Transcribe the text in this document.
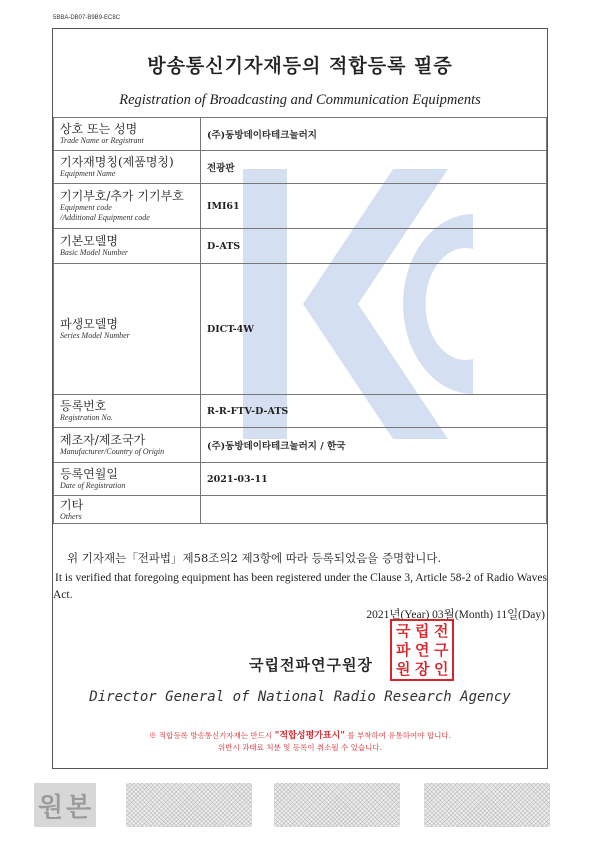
5BBA-DB07-B9B9-EC8C
방송통신기자재등의 적합등록 필증
Registration of Broadcasting and Communication Equipments
상호 또는 성명
Trade Name or Registrant	(주)동방데이타테크놀러지

기자재명칭(제품명칭)
Equipment Name	전광판

기기부호/추가 기기부호
Equipment code
/Additional Equipment code	IMI61

기본모델명
Basic Model Number	D-ATS

파생모델명
Series Model Number	DICT-4W

등록번호
Registration No.	R-R-FTV-D-ATS

제조자/제조국가
Manufacturer/Country of Origin	(주)동방데이타테크놀러지 / 한국

등록연월일
Date of Registration	2021-03-11

기타
Others	

위 기자재는「전파법」제58조의2 제3항에 따라 등록되었음을 증명합니다.
It is verified that foregoing equipment has been registered under the Clause 3, Article 58-2 of Radio Waves Act.
2021년(Year) 03월(Month) 11일(Day)
국립전파연구원장
국 립 전
파 연 구
원 장 인
Director General of National Radio Research Agency
※ 적합등록 방송통신기자재는 반드시 "적합성평가표시" 를 부착하여 유통하여야 합니다.
위반시 과태료 처분 및 등록이 취소될 수 있습니다.
원 본
